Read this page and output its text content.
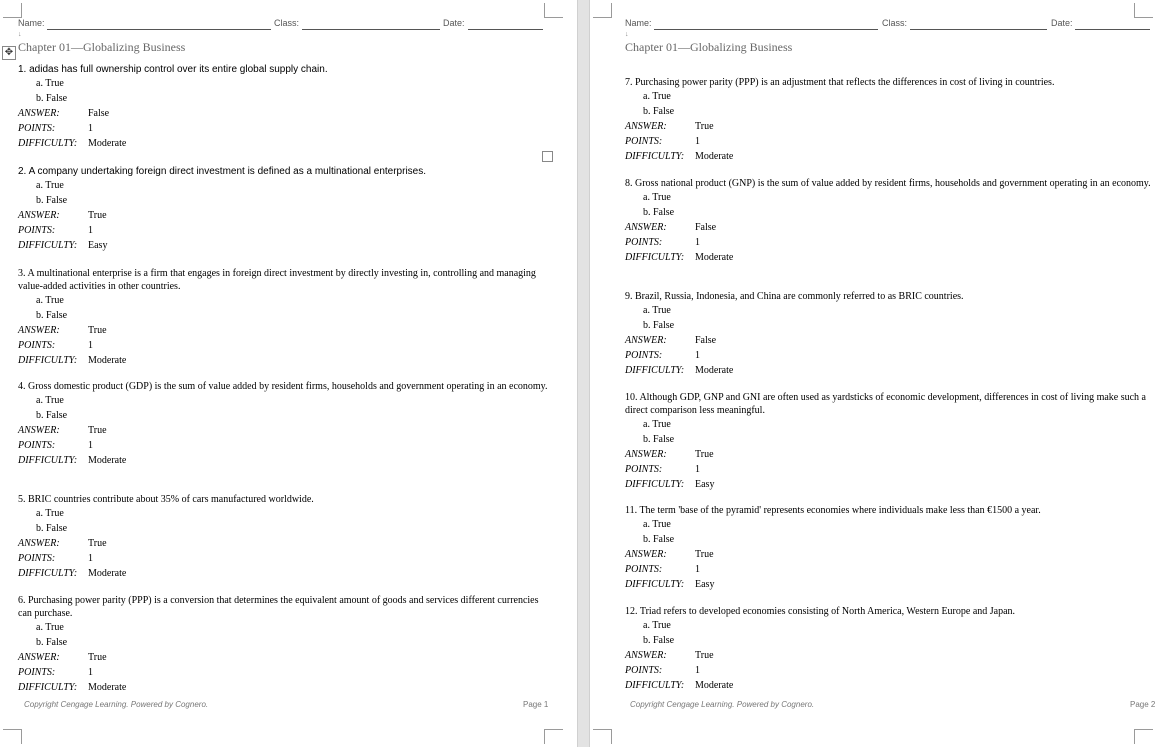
Name:	Class:	Date:
↓
✥ Chapter 01—Globalizing Business
1. adidas has full ownership control over its entire global supply chain.
a. True
b. False
ANSWER:	False
POINTS:	1
DIFFICULTY: Moderate
2. A company undertaking foreign direct investment is defined as a multinational enterprises.
a. True
b. False
ANSWER:	True
POINTS:	1
DIFFICULTY: Easy
3. A multinational enterprise is a firm that engages in foreign direct investment by directly investing in, controlling and managing value-added activities in other countries.
a. True
b. False
ANSWER:	True
POINTS:	1
DIFFICULTY: Moderate
4. Gross domestic product (GDP) is the sum of value added by resident firms, households and government operating in an economy.
a. True
b. False
ANSWER:	True
POINTS:	1
DIFFICULTY: Moderate
5. BRIC countries contribute about 35% of cars manufactured worldwide.
a. True
b. False
ANSWER:	True
POINTS:	1
DIFFICULTY: Moderate
6. Purchasing power parity (PPP) is a conversion that determines the equivalent amount of goods and services different currencies can purchase.
a. True
b. False
ANSWER:	True
POINTS:	1
DIFFICULTY: Moderate
Copyright Cengage Learning. Powered by Cognero.	Page 1
Name:	Class:	Date:
↓
Chapter 01—Globalizing Business
7. Purchasing power parity (PPP) is an adjustment that reflects the differences in cost of living in countries.
a. True
b. False
ANSWER:	True
POINTS:	1
DIFFICULTY: Moderate
8. Gross national product (GNP) is the sum of value added by resident firms, households and government operating in an economy.
a. True
b. False
ANSWER:	False
POINTS:	1
DIFFICULTY: Moderate
9. Brazil, Russia, Indonesia, and China are commonly referred to as BRIC countries.
a. True
b. False
ANSWER:	False
POINTS:	1
DIFFICULTY: Moderate
10. Although GDP, GNP and GNI are often used as yardsticks of economic development, differences in cost of living make such a direct comparison less meaningful.
a. True
b. False
ANSWER:	True
POINTS:	1
DIFFICULTY: Easy
11. The term 'base of the pyramid' represents economies where individuals make less than €1500 a year.
a. True
b. False
ANSWER:	True
POINTS:	1
DIFFICULTY: Easy
12. Triad refers to developed economies consisting of North America, Western Europe and Japan.
a. True
b. False
ANSWER:	True
POINTS:	1
DIFFICULTY: Moderate
Copyright Cengage Learning. Powered by Cognero.	Page 2
